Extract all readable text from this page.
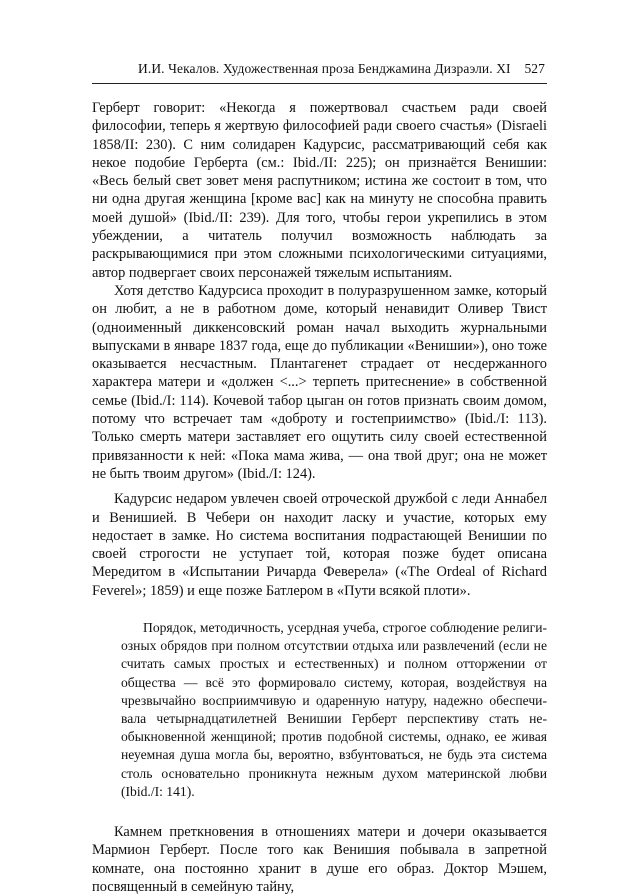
И.И. Чекалов. Художественная проза Бенджамина Дизраэли. XI 527

Герберт говорит: «Некогда я пожертвовал счастьем ради своей философии, теперь я жертвую философией ради своего счастья» (Disraeli 1858/II: 230). С ним солидарен Кадурсис, рассматривающий себя как некое подобие Герберта (см.: Ibid./II: 225); он признаётся Венишии: «Весь белый свет зовет меня распутником; истина же состоит в том, что ни одна другая женщина [кроме вас] как на минуту не способна править моей душой» (Ibid./II: 239). Для того, чтобы герои укрепились в этом убеждении, а читатель получил возможность наблюдать за раскрывающимися при этом сложными психологическими ситуациями, автор подвергает своих персонажей тяжелым испытаниям.

Хотя детство Кадурсиса проходит в полуразрушенном замке, который он любит, а не в работном доме, который ненавидит Оливер Твист (одноименный диккенсовский роман начал выходить журнальными выпусками в январе 1837 года, еще до публикации «Венишии»), оно тоже оказывается несчастным. Плантагенет страдает от несдержанного характера матери и «должен <...> терпеть притеснение» в собственной семье (Ibid./I: 114). Кочевой табор цыган он готов признать своим домом, потому что встречает там «доброту и гостеприимство» (Ibid./I: 113). Только смерть матери заставляет его ощутить силу своей естественной привязанности к ней: «Пока мама жива, — она твой друг; она не может не быть твоим другом» (Ibid./I: 124).

Кадурсис недаром увлечен своей отроческой дружбой с леди Аннабел и Венишией. В Чебери он находит ласку и участие, которых ему недостает в замке. Но система воспитания подрастающей Венишии по своей строгости не уступает той, которая позже будет описана Мередитом в «Испытании Ричарда Феверела» («The Ordeal of Richard Feverel»; 1859) и еще позже Батлером в «Пути всякой плоти».

Порядок, методичность, усердная учеба, строгое соблюдение религиозных обрядов при полном отсутствии отдыха или развлечений (если не считать самых простых и естественных) и полном отторжении от общества — всё это формировало систему, которая, воздействуя на чрезвычайно восприимчивую и одаренную натуру, надежно обеспечивала четырнадцатилетней Венишии Герберт перспективу стать необыкновенной женщиной; против подобной системы, однако, ее живая неуемная душа могла бы, вероятно, взбунтоваться, не будь эта система столь основательно проникнута нежным духом материнской любви (Ibid./I: 141).

Камнем преткновения в отношениях матери и дочери оказывается Мармион Герберт. После того как Венишия побывала в запретной комнате, она постоянно хранит в душе его образ. Доктор Мэшем, посвященный в семейную тайну,
